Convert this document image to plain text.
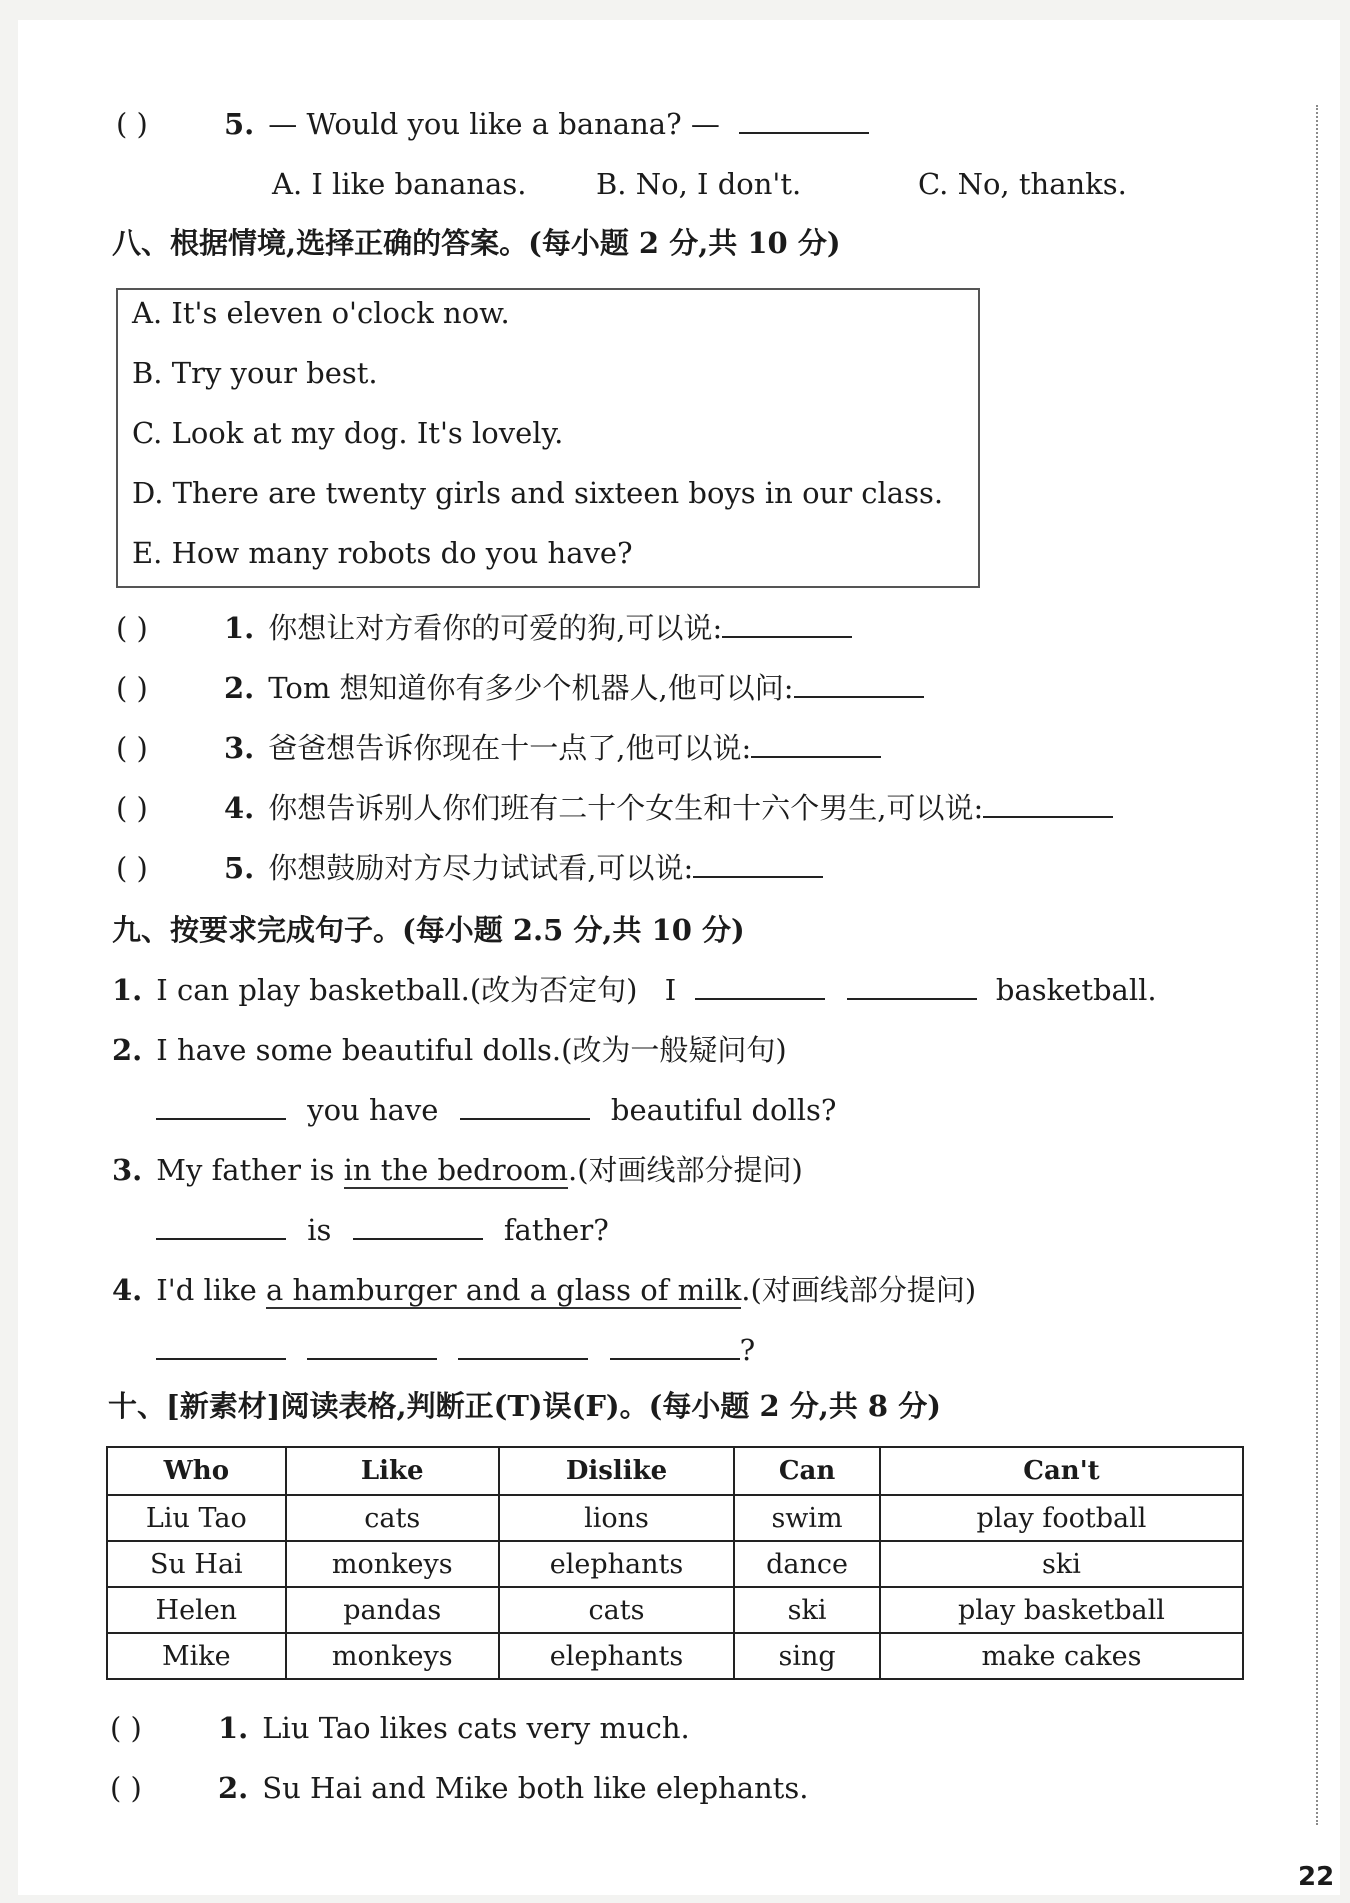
( )	5. — Would you like a banana? —
A. I like bananas. B. No, I don't.	C. No, thanks.
八、根据情境,选择正确的答案。(每小题 2 分,共 10 分)
A. It's eleven o'clock now.
B. Try your best.
C. Look at my dog. It's lovely.
D. There are twenty girls and sixteen boys in our class.
E. How many robots do you have?
( )	1. 你想让对方看你的可爱的狗,可以说:
( )	2. Tom 想知道你有多少个机器人,他可以问:
( )	3. 爸爸想告诉你现在十一点了,他可以说:
( )	4. 你想告诉别人你们班有二十个女生和十六个男生,可以说:
( )	5. 你想鼓励对方尽力试试看,可以说:
九、按要求完成句子。(每小题 2.5 分,共 10 分)
1. I can play basketball.(改为否定句) I	basketball.
2. I have some beautiful dolls.(改为一般疑问句)
you have	beautiful dolls?
3. My father is in the bedroom.(对画线部分提问)
is	father?
4. I'd like a hamburger and a glass of milk.(对画线部分提问)
?
十、[新素材]阅读表格,判断正(T)误(F)。(每小题 2 分,共 8 分)
Who	Like	Dislike	Can	Can't
Liu Tao	cats	lions	swim	play football
Su Hai	monkeys	elephants	dance	ski
Helen	pandas	cats	ski	play basketball
Mike	monkeys	elephants	sing	make cakes
( )	1. Liu Tao likes cats very much.
( )	2. Su Hai and Mike both like elephants.
22
